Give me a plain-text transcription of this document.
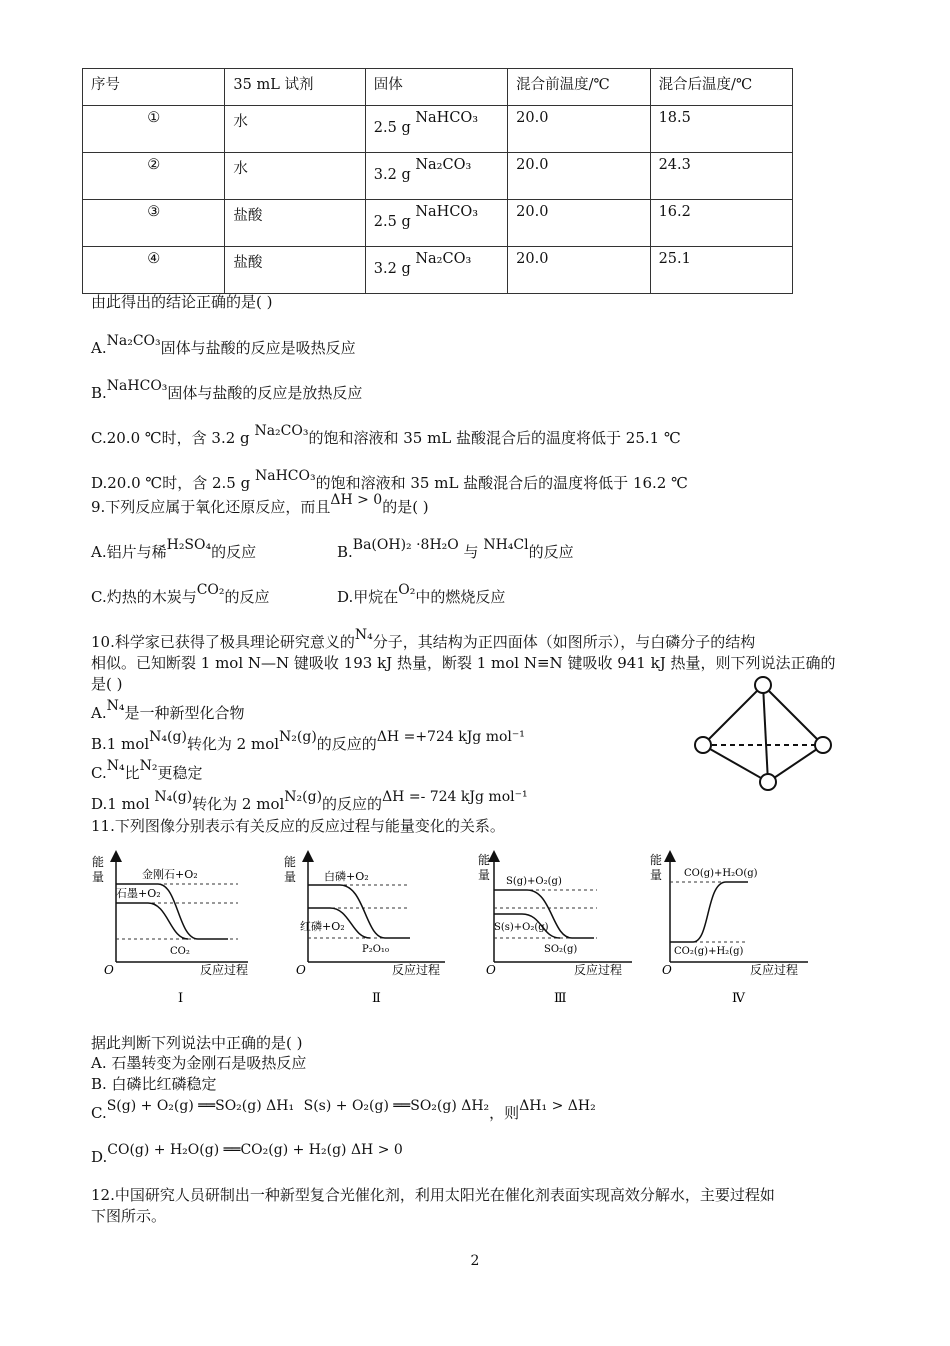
序号	35 mL 试剂	固体	混合前温度/℃	混合后温度/℃
①	水	2.5 g NaHCO₃	20.0	18.5
②	水	3.2 g Na₂CO₃	20.0	24.3
③	盐酸	2.5 g NaHCO₃	20.0	16.2
④	盐酸	3.2 g Na₂CO₃	20.0	25.1
由此得出的结论正确的是( )
A.Na₂CO₃固体与盐酸的反应是吸热反应
B.NaHCO₃固体与盐酸的反应是放热反应
C.20.0 ℃时，含 3.2 g Na₂CO₃的饱和溶液和 35 mL 盐酸混合后的温度将低于 25.1 ℃
D.20.0 ℃时，含 2.5 g NaHCO₃的饱和溶液和 35 mL 盐酸混合后的温度将低于 16.2 ℃
9.下列反应属于氧化还原反应，而且ΔH > 0的是( )
A.铝片与稀H₂SO₄的反应	B.Ba(OH)₂ ·8H₂O 与 NH₄Cl的反应
C.灼热的木炭与CO₂的反应	D.甲烷在O₂中的燃烧反应
10.科学家已获得了极具理论研究意义的N₄分子，其结构为正四面体（如图所示），与白磷分子的结构
相似。已知断裂 1 mol N—N 键吸收 193 kJ 热量，断裂 1 mol N≡N 键吸收 941 kJ 热量，则下列说法正确的
是( )
A.N₄是一种新型化合物
B.1 molN₄(g)转化为 2 molN₂(g)的反应的ΔH =+724 kJg mol⁻¹
C.N₄比N₂更稳定
D.1 mol N₄(g)转化为 2 molN₂(g)的反应的ΔH =- 724 kJg mol⁻¹
11.下列图像分别表示有关反应的反应过程与能量变化的关系。
能
量	金刚石+O₂
石墨+O₂
CO₂
O	反应过程
Ⅰ
能
量	白磷+O₂
红磷+O₂
P₂O₁₀
O	反应过程
Ⅱ
能
量 S(g)+O₂(g)
S(s)+O₂(g)
SO₂(g)
O	反应过程
Ⅲ
能
量 CO(g)+H₂O(g)
CO₂(g)+H₂(g)
O	反应过程
Ⅳ
据此判断下列说法中正确的是( )
A. 石墨转变为金刚石是吸热反应
B. 白磷比红磷稳定
C.S(g) + O₂(g) ══SO₂(g) ΔH₁ S(s) + O₂(g) ══SO₂(g) ΔH₂，则ΔH₁ > ΔH₂
D.CO(g) + H₂O(g) ══CO₂(g) + H₂(g) ΔH > 0
12.中国研究人员研制出一种新型复合光催化剂，利用太阳光在催化剂表面实现高效分解水，主要过程如
下图所示。
2
